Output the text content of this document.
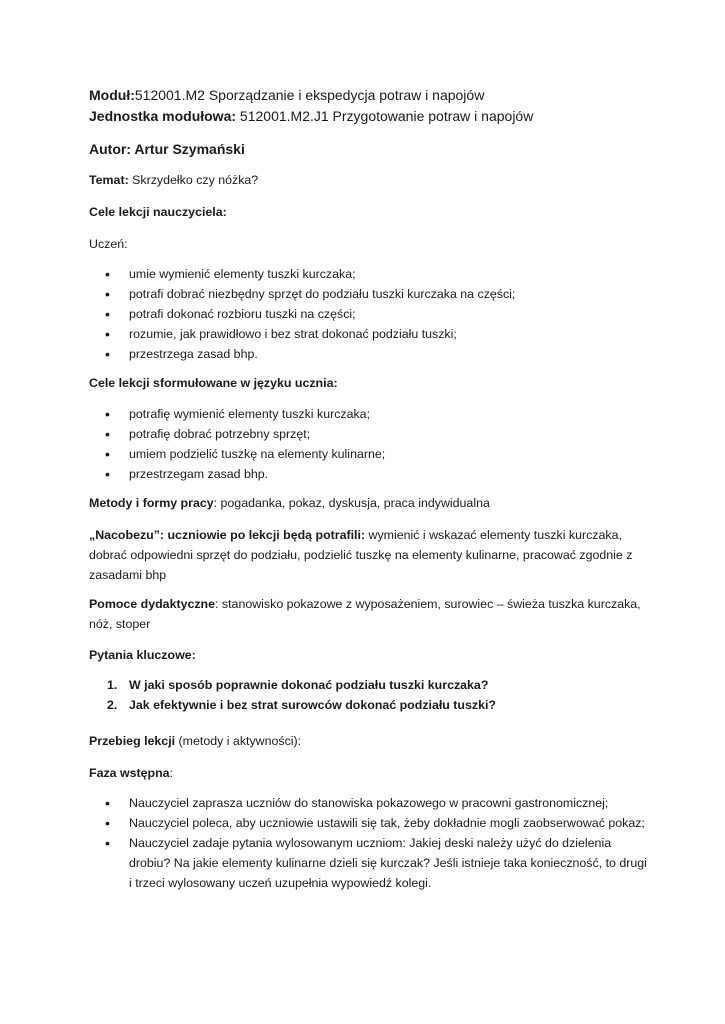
Moduł:512001.M2 Sporządzanie i ekspedycja potraw i napojów

Jednostka modułowa: 512001.M2.J1 Przygotowanie potraw i napojów

Autor: Artur Szymański

Temat: Skrzydełko czy nóżka?

Cele lekcji nauczyciela:

Uczeń:

• umie wymienić elementy tuszki kurczaka;
• potrafi dobrać niezbędny sprzęt do podziału tuszki kurczaka na części;
• potrafi dokonać rozbioru tuszki na części;
• rozumie, jak prawidłowo i bez strat dokonać podziału tuszki;
• przestrzega zasad bhp.

Cele lekcji sformułowane w języku ucznia:

• potrafię wymienić elementy tuszki kurczaka;
• potrafię dobrać potrzebny sprzęt;
• umiem podzielić tuszkę na elementy kulinarne;
• przestrzegam zasad bhp.

Metody i formy pracy: pogadanka, pokaz, dyskusja, praca indywidualna

„Nacobezu”: uczniowie po lekcji będą potrafili: wymienić i wskazać elementy tuszki kurczaka, dobrać odpowiedni sprzęt do podziału, podzielić tuszkę na elementy kulinarne, pracować zgodnie z zasadami bhp

Pomoce dydaktyczne: stanowisko pokazowe z wyposażeniem, surowiec – świeża tuszka kurczaka, nóż, stoper

Pytania kluczowe:

1. W jaki sposób poprawnie dokonać podziału tuszki kurczaka?
2. Jak efektywnie i bez strat surowców dokonać podziału tuszki?

Przebieg lekcji (metody i aktywności):

Faza wstępna:

• Nauczyciel zaprasza uczniów do stanowiska pokazowego w pracowni gastronomicznej;
• Nauczyciel poleca, aby uczniowie ustawili się tak, żeby dokładnie mogli zaobserwować pokaz;
• Nauczyciel zadaje pytania wylosowanym uczniom: Jakiej deski należy użyć do dzielenia drobiu? Na jakie elementy kulinarne dzieli się kurczak? Jeśli istnieje taka konieczność, to drugi i trzeci wylosowany uczeń uzupełnia wypowiedź kolegi.
